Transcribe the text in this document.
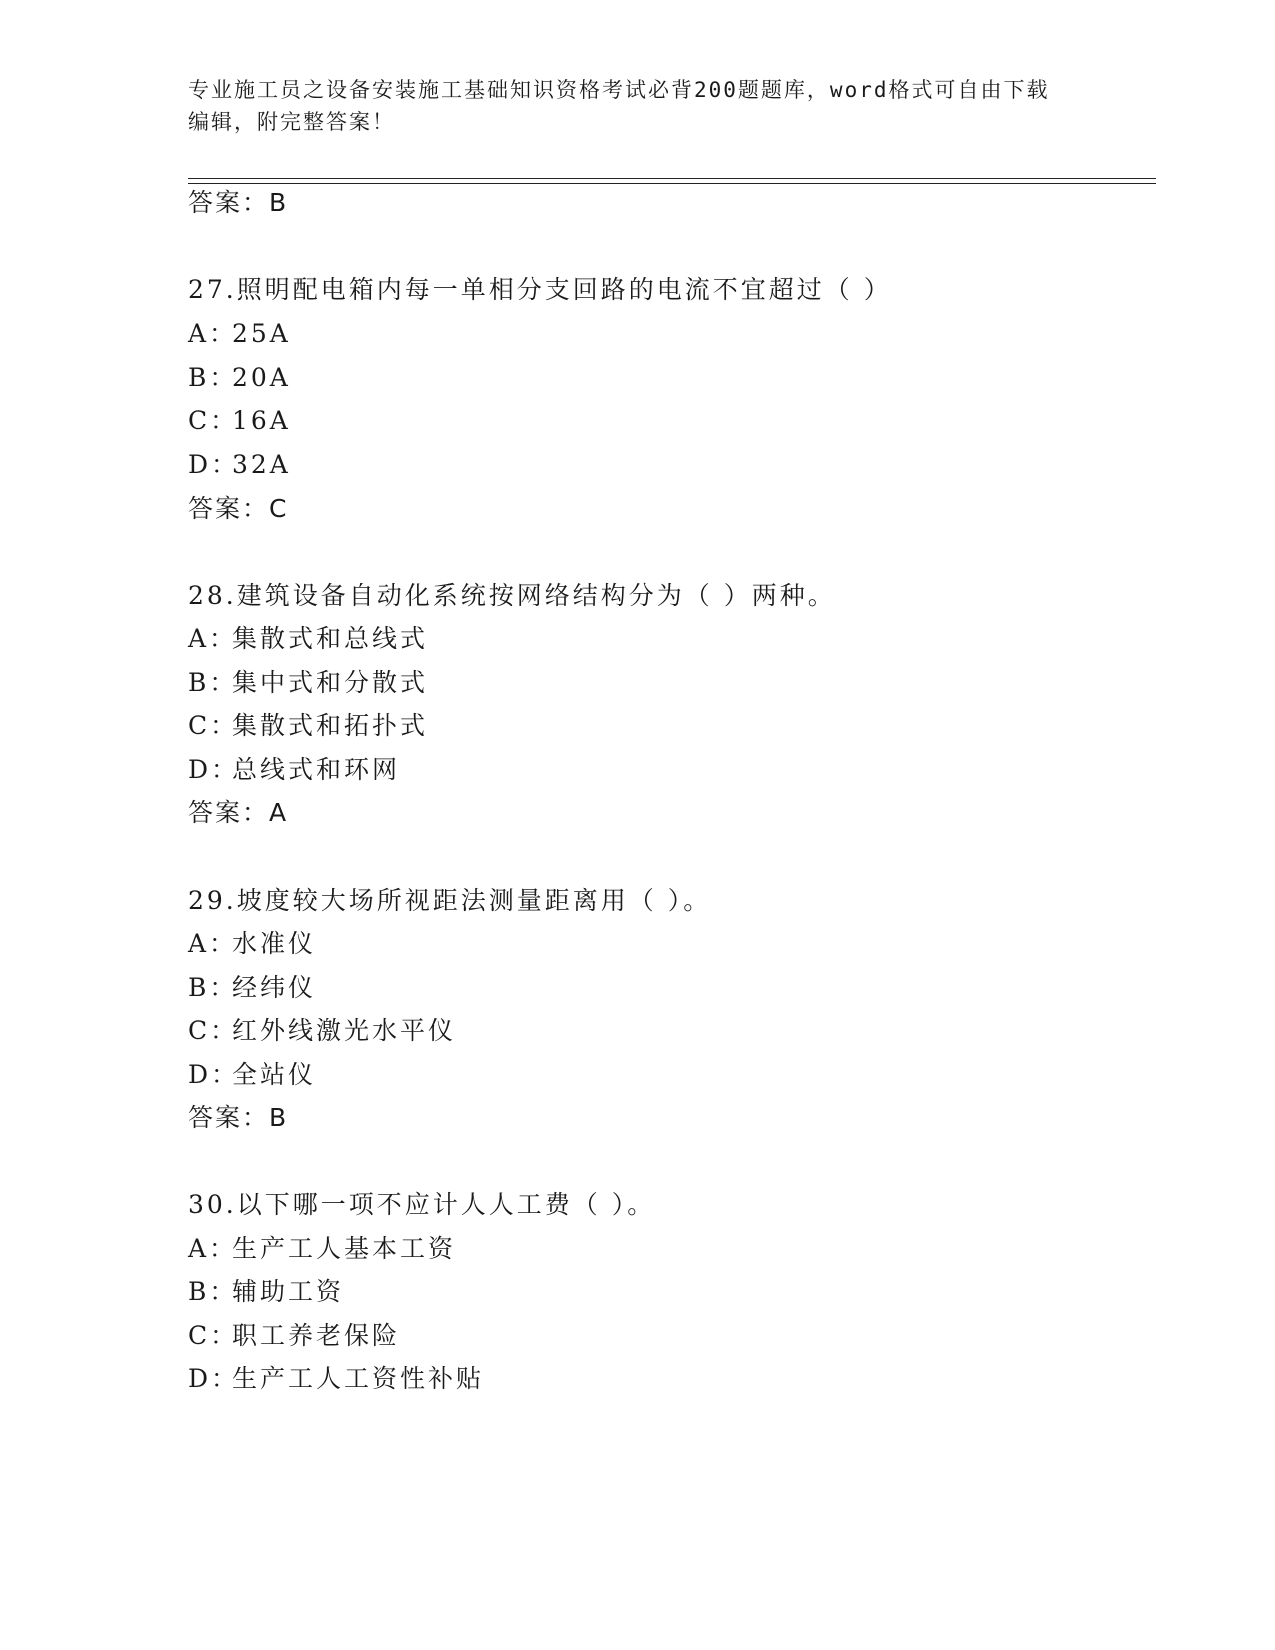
专业施工员之设备安装施工基础知识资格考试必背200题题库，word格式可自由下载编辑，附完整答案！
答案：B
27.照明配电箱内每一单相分支回路的电流不宜超过（ ）
A：25A
B：20A
C：16A
D：32A
答案：C
28.建筑设备自动化系统按网络结构分为（ ）两种。
A：集散式和总线式
B：集中式和分散式
C：集散式和拓扑式
D：总线式和环网
答案：A
29.坡度较大场所视距法测量距离用（ ）。
A：水准仪
B：经纬仪
C：红外线激光水平仪
D：全站仪
答案：B
30.以下哪一项不应计人人工费（ ）。
A：生产工人基本工资
B：辅助工资
C：职工养老保险
D：生产工人工资性补贴
